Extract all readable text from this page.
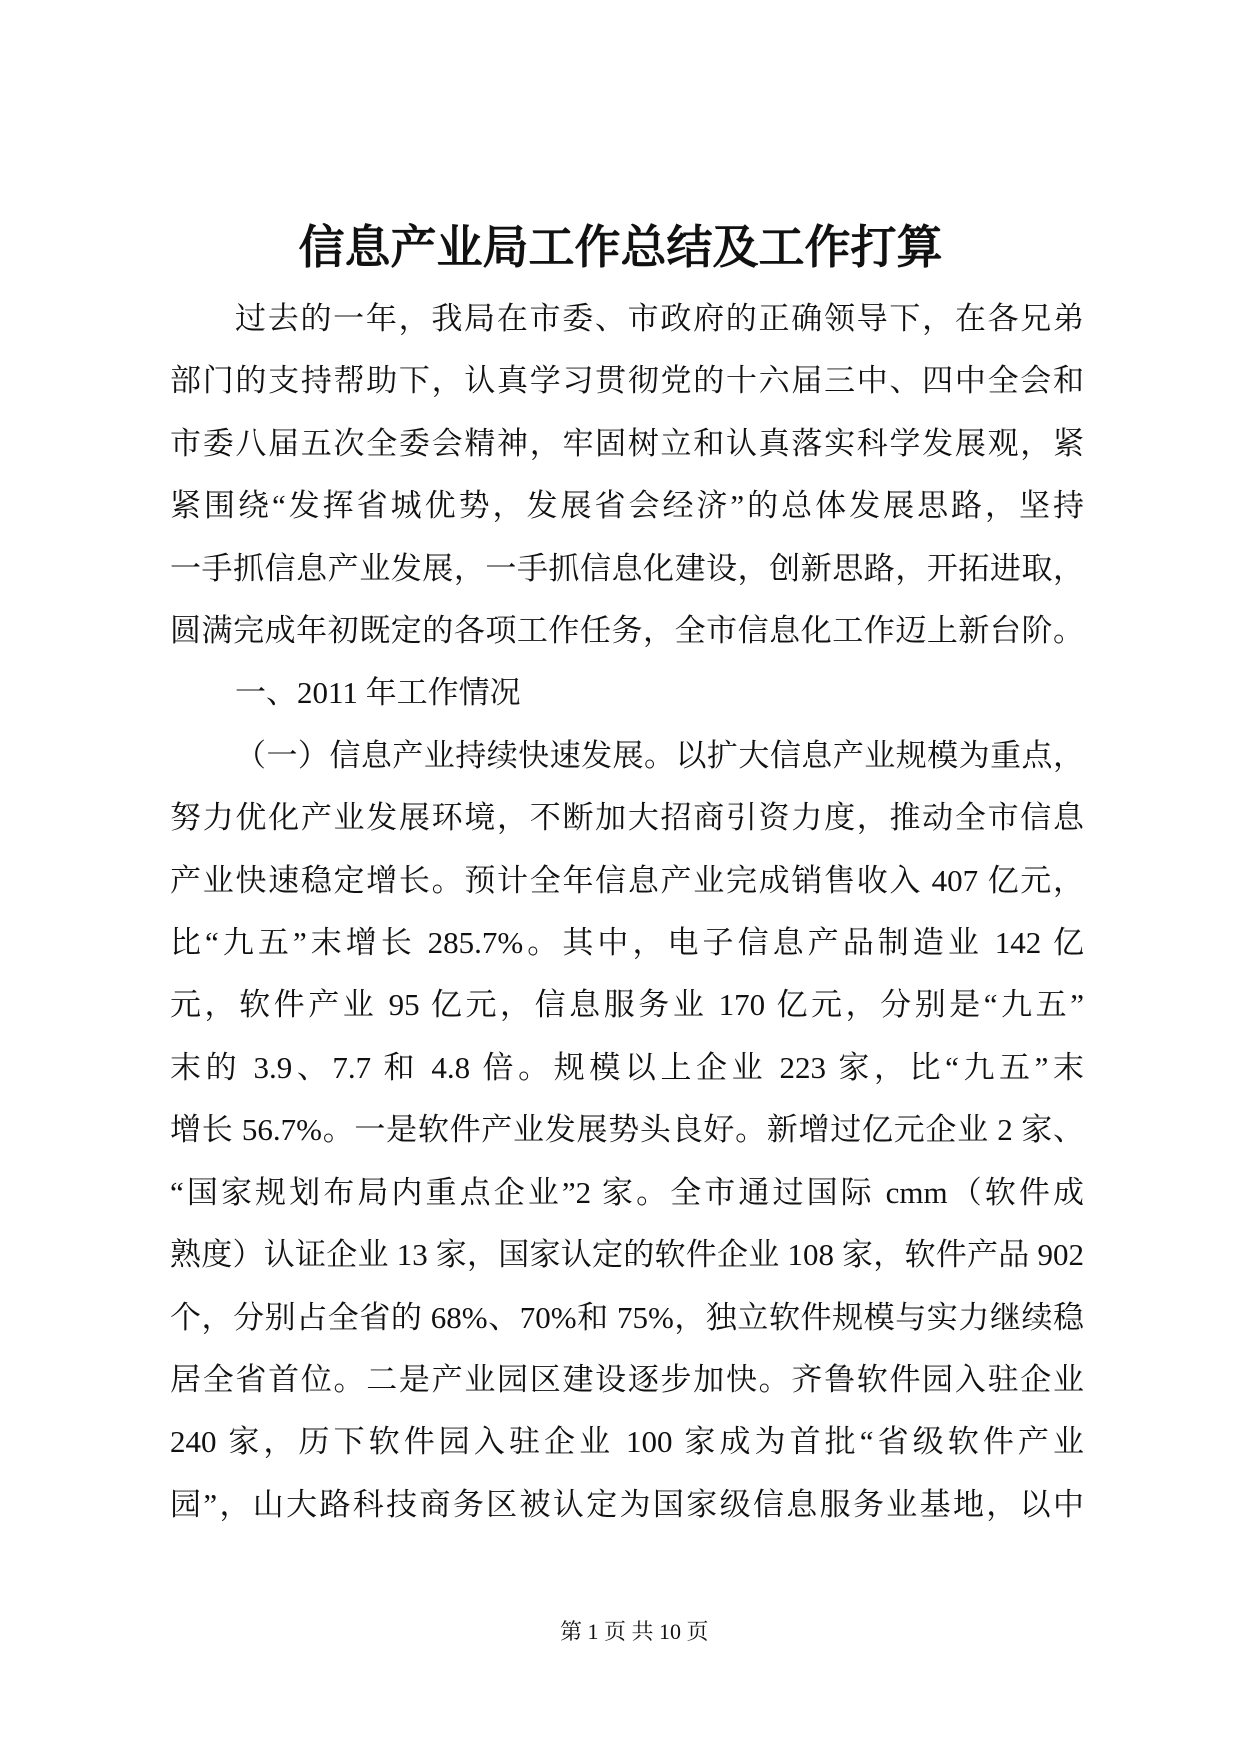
信息产业局工作总结及工作打算
过去的一年，我局在市委、市政府的正确领导下，在各兄弟
部门的支持帮助下，认真学习贯彻党的十六届三中、四中全会和
市委八届五次全委会精神，牢固树立和认真落实科学发展观，紧
紧围绕“发挥省城优势，发展省会经济”的总体发展思路，坚持
一手抓信息产业发展，一手抓信息化建设，创新思路，开拓进取，
圆满完成年初既定的各项工作任务，全市信息化工作迈上新台阶。
一、2011 年工作情况
（一）信息产业持续快速发展。以扩大信息产业规模为重点，
努力优化产业发展环境，不断加大招商引资力度，推动全市信息
产业快速稳定增长。预计全年信息产业完成销售收入 407 亿元，
比“九五”末增长 285.7%。其中，电子信息产品制造业 142 亿
元，软件产业 95 亿元，信息服务业 170 亿元，分别是“九五”
末的 3.9、7.7 和 4.8 倍。规模以上企业 223 家，比“九五”末
增长 56.7%。一是软件产业发展势头良好。新增过亿元企业 2 家、
“国家规划布局内重点企业”2 家。全市通过国际 cmm（软件成
熟度）认证企业 13 家，国家认定的软件企业 108 家，软件产品 902
个，分别占全省的 68%、70%和 75%，独立软件规模与实力继续稳
居全省首位。二是产业园区建设逐步加快。齐鲁软件园入驻企业
240 家，历下软件园入驻企业 100 家成为首批“省级软件产业
园”，山大路科技商务区被认定为国家级信息服务业基地，以中
第 1 页 共 10 页
